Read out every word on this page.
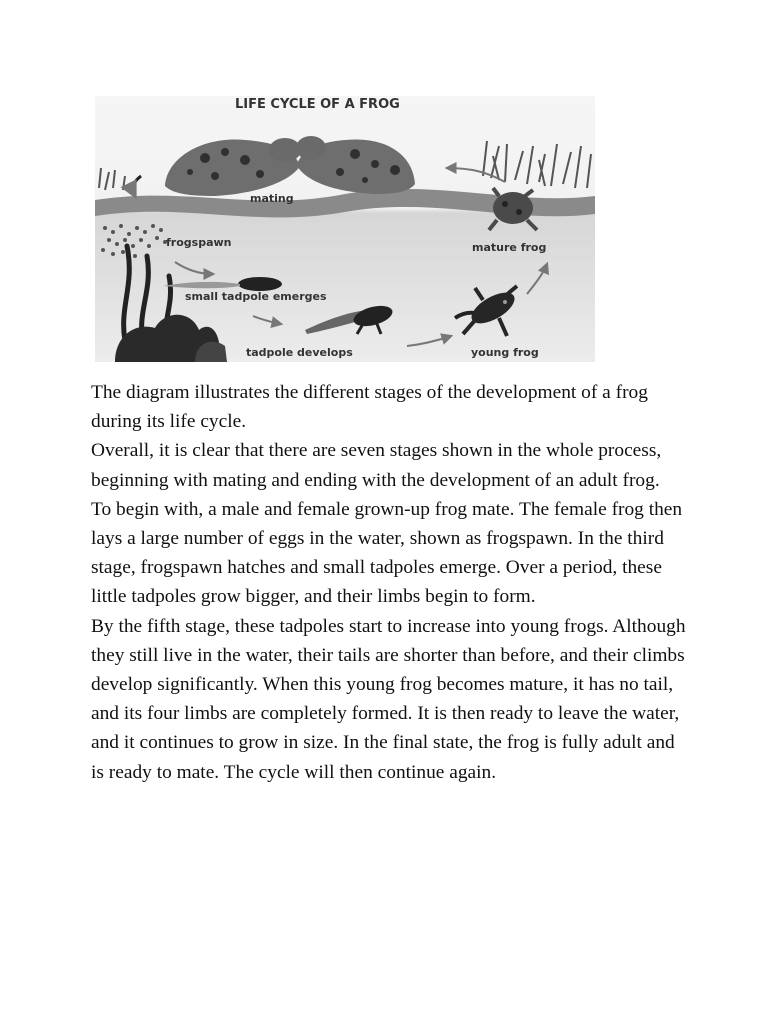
LIFE CYCLE OF A FROG
mating
frogspawn
small tadpole emerges
tadpole develops	young frog
mature frog

The diagram illustrates the different stages of the development of a frog during its life cycle.

Overall, it is clear that there are seven stages shown in the whole process, beginning with mating and ending with the development of an adult frog.

To begin with, a male and female grown-up frog mate. The female frog then lays a large number of eggs in the water, shown as frogspawn. In the third stage, frogspawn hatches and small tadpoles emerge. Over a period, these little tadpoles grow bigger, and their limbs begin to form.

By the fifth stage, these tadpoles start to increase into young frogs. Although they still live in the water, their tails are shorter than before, and their climbs develop significantly. When this young frog becomes mature, it has no tail, and its four limbs are completely formed. It is then ready to leave the water, and it continues to grow in size. In the final state, the frog is fully adult and is ready to mate. The cycle will then continue again.
